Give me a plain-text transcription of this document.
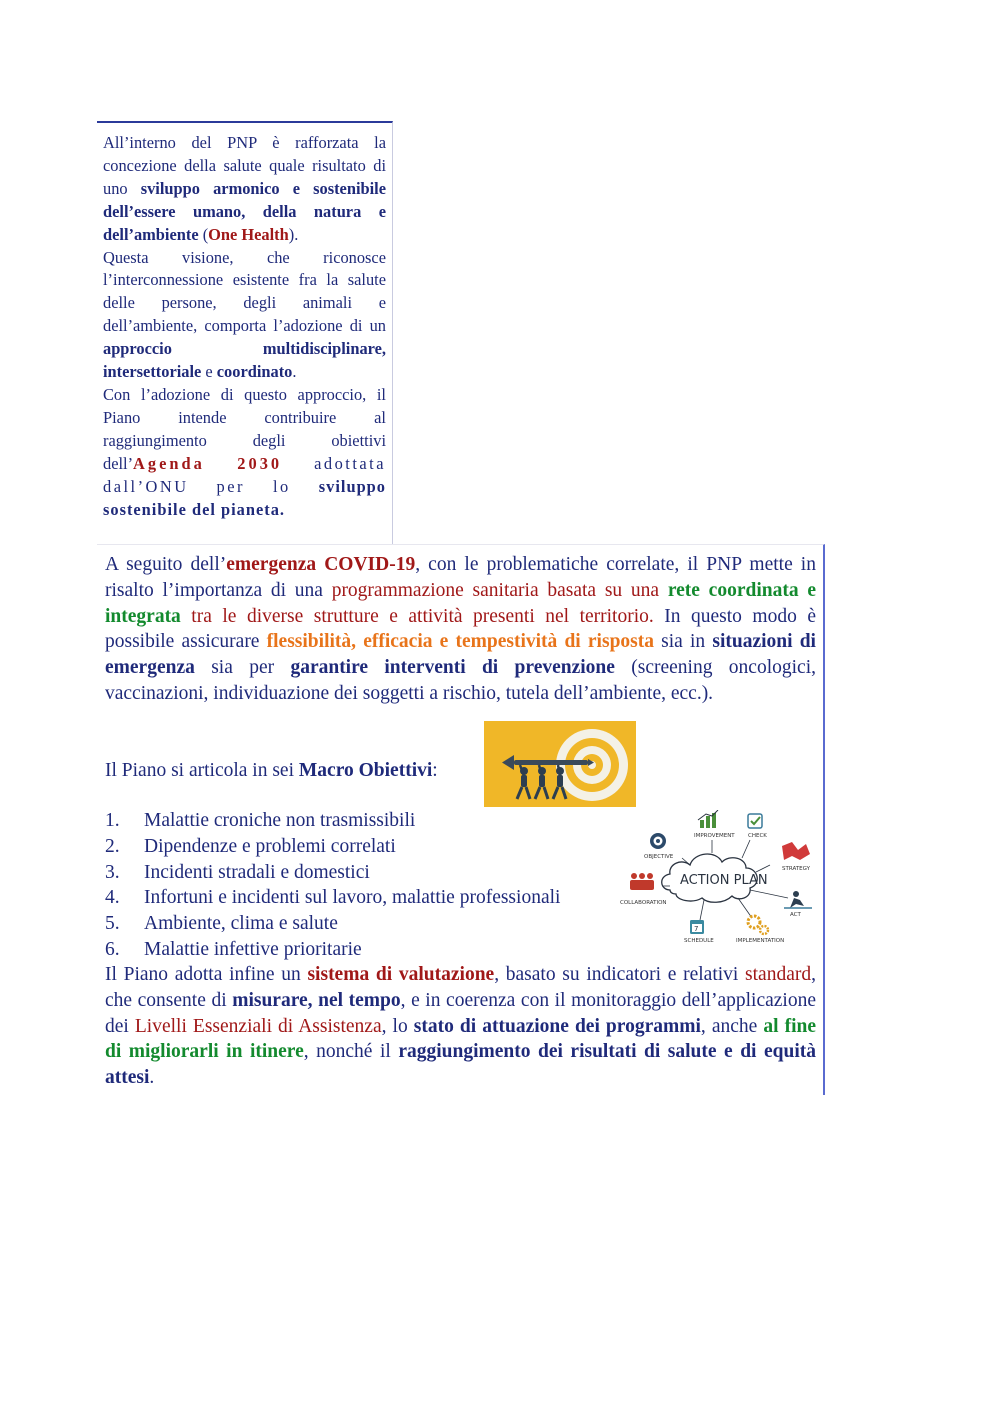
All’interno del PNP è rafforzata la concezione della salute quale risultato di uno sviluppo armonico e sostenibile dell’essere umano, della natura e dell’ambiente (One Health).
Questa visione, che riconosce l’interconnessione esistente fra la salute delle persone, degli animali e dell’ambiente, comporta l’adozione di un approccio multidisciplinare, intersettoriale e coordinato.
Con l’adozione di questo approccio, il Piano intende contribuire al raggiungimento degli obiettivi dell’Agenda 2030 adottata dall’ONU per lo sviluppo sostenibile del pianeta.
A seguito dell’emergenza COVID-19, con le problematiche correlate, il PNP mette in risalto l’importanza di una programmazione sanitaria basata su una rete coordinata e integrata tra le diverse strutture e attività presenti nel territorio. In questo modo è possibile assicurare flessibilità, efficacia e tempestività di risposta sia in situazioni di emergenza sia per garantire interventi di prevenzione (screening oncologici, vaccinazioni, individuazione dei soggetti a rischio, tutela dell’ambiente, ecc.).
Il Piano si articola in sei Macro Obiettivi:
1.	Malattie croniche non trasmissibili
2.	Dipendenze e problemi correlati
3.	Incidenti stradali e domestici
4.	Infortuni e incidenti sul lavoro, malattie professionali
5.	Ambiente, clima e salute
6.	Malattie infettive prioritarie
Il Piano adotta infine un sistema di valutazione, basato su indicatori e relativi standard, che consente di misurare, nel tempo, e in coerenza con il monitoraggio dell’applicazione dei Livelli Essenziali di Assistenza, lo stato di attuazione dei programmi, anche al fine di migliorarli in itinere, nonché il raggiungimento dei risultati di salute e di equità attesi.
ACTION PLAN
IMPROVEMENT CHECK
OBJECTIVE
STRATEGY
COLLABORATION
ACT
7
SCHEDULE	IMPLEMENTATION
